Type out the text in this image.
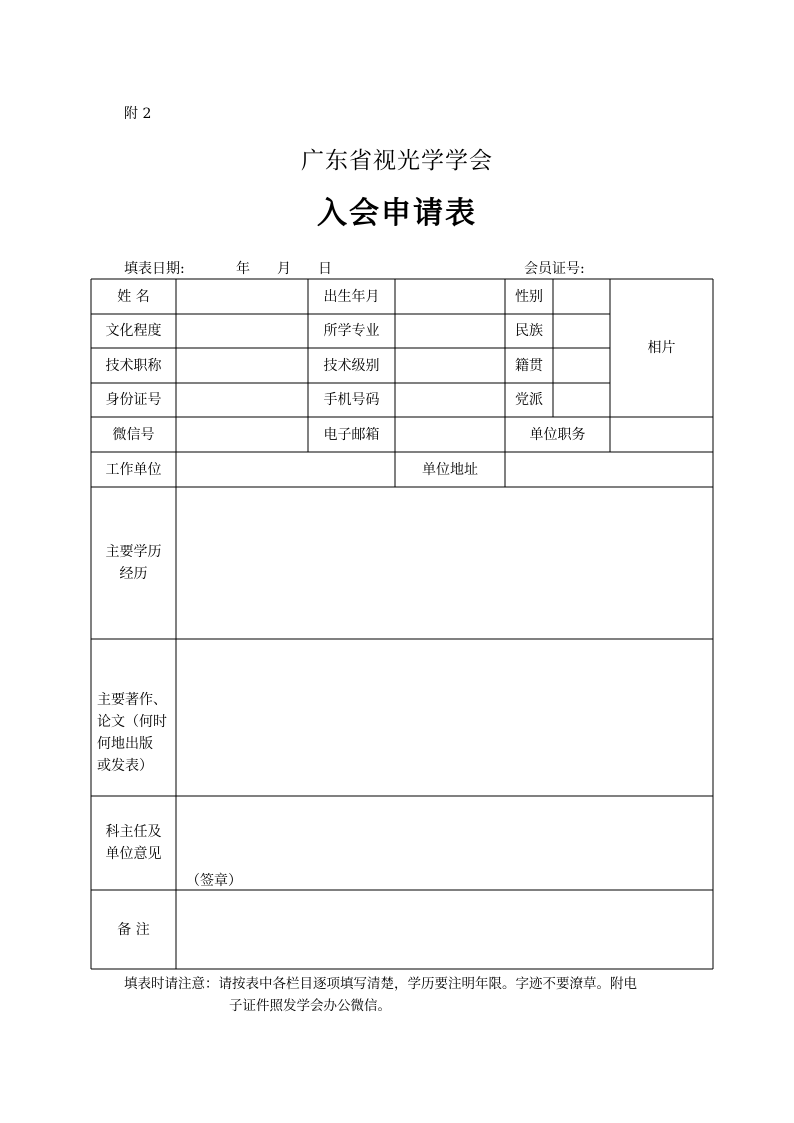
附 2
广东省视光学学会
入会申请表
填表日期:	年 月 日	会员证号:
姓 名	出生年月	性别
相片
文化程度	所学专业	民族
技术职称	技术级别	籍贯
身份证号	手机号码	党派
微信号	电子邮箱	单位职务
工作单位	单位地址
主要学历
经历
主要著作、
论文（何时
何地出版
或发表）
科主任及
单位意见
（签章）
备 注
填表时请注意：请按表中各栏目逐项填写清楚，学历要注明年限。字迹不要潦草。附电
子证件照发学会办公微信。
